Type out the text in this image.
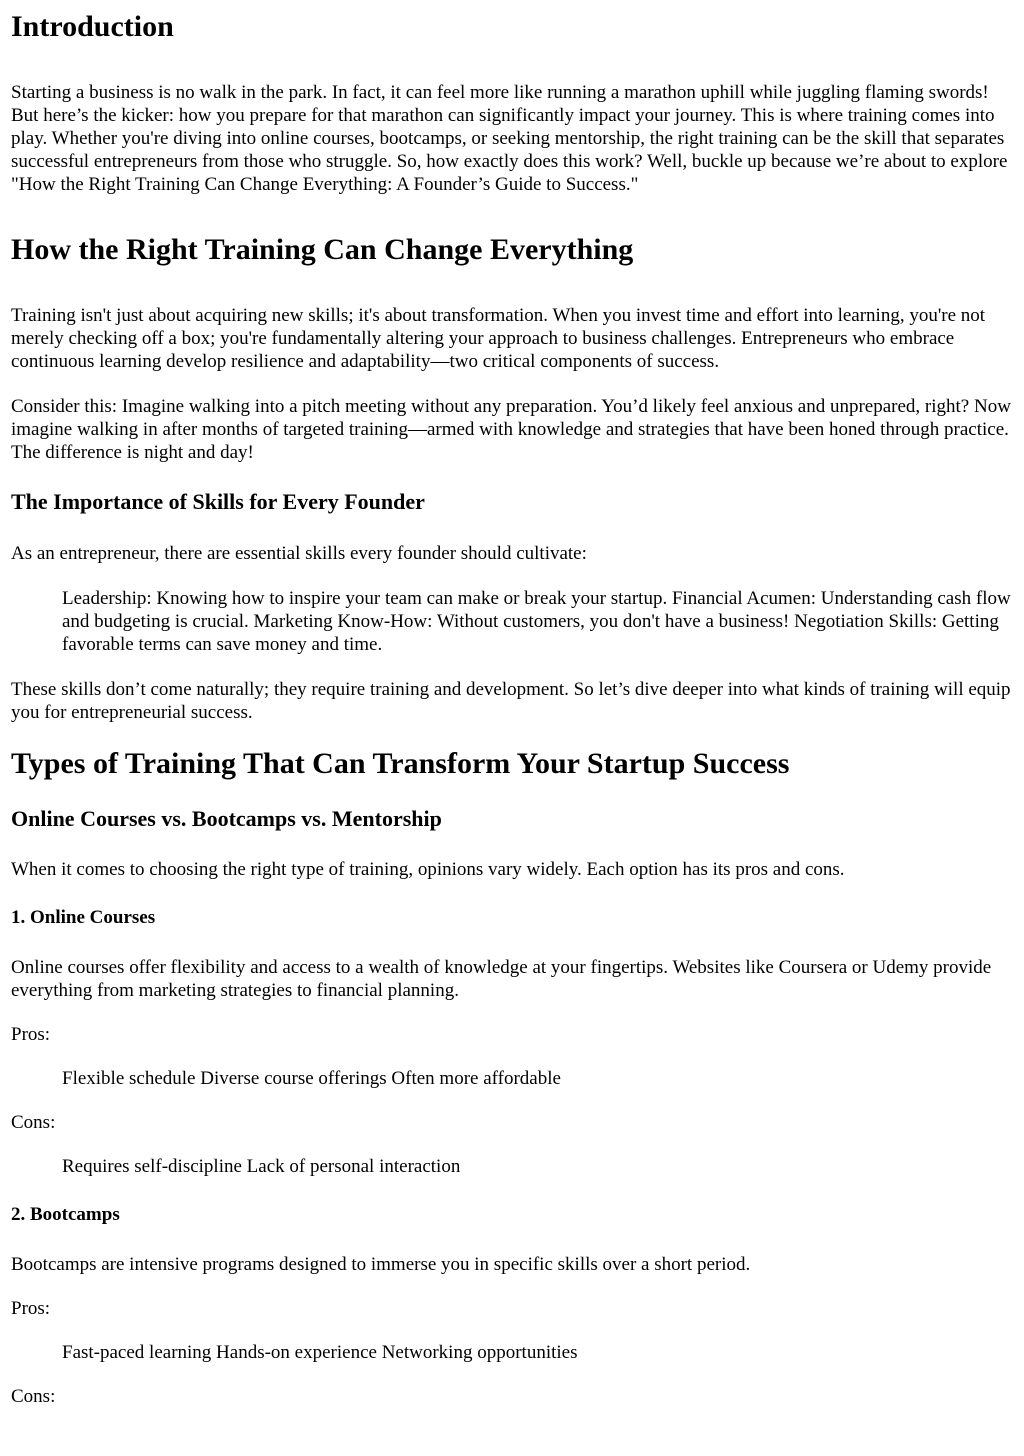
Introduction

Starting a business is no walk in the park. In fact, it can feel more like running a marathon uphill while juggling flaming swords! But here’s the kicker: how you prepare for that marathon can significantly impact your journey. This is where training comes into play. Whether you're diving into online courses, bootcamps, or seeking mentorship, the right training can be the skill that separates successful entrepreneurs from those who struggle. So, how exactly does this work? Well, buckle up because we’re about to explore "How the Right Training Can Change Everything: A Founder’s Guide to Success."

How the Right Training Can Change Everything

Training isn't just about acquiring new skills; it's about transformation. When you invest time and effort into learning, you're not merely checking off a box; you're fundamentally altering your approach to business challenges. Entrepreneurs who embrace continuous learning develop resilience and adaptability—two critical components of success.

Consider this: Imagine walking into a pitch meeting without any preparation. You’d likely feel anxious and unprepared, right? Now imagine walking in after months of targeted training—armed with knowledge and strategies that have been honed through practice. The difference is night and day!

The Importance of Skills for Every Founder

As an entrepreneur, there are essential skills every founder should cultivate:

Leadership: Knowing how to inspire your team can make or break your startup. Financial Acumen: Understanding cash flow and budgeting is crucial. Marketing Know-How: Without customers, you don't have a business! Negotiation Skills: Getting favorable terms can save money and time.

These skills don’t come naturally; they require training and development. So let’s dive deeper into what kinds of training will equip you for entrepreneurial success.

Types of Training That Can Transform Your Startup Success
Online Courses vs. Bootcamps vs. Mentorship

When it comes to choosing the right type of training, opinions vary widely. Each option has its pros and cons.

1. Online Courses

Online courses offer flexibility and access to a wealth of knowledge at your fingertips. Websites like Coursera or Udemy provide everything from marketing strategies to financial planning.

Pros:

Flexible schedule Diverse course offerings Often more affordable

Cons:

Requires self-discipline Lack of personal interaction
2. Bootcamps

Bootcamps are intensive programs designed to immerse you in specific skills over a short period.

Pros:

Fast-paced learning Hands-on experience Networking opportunities

Cons:
